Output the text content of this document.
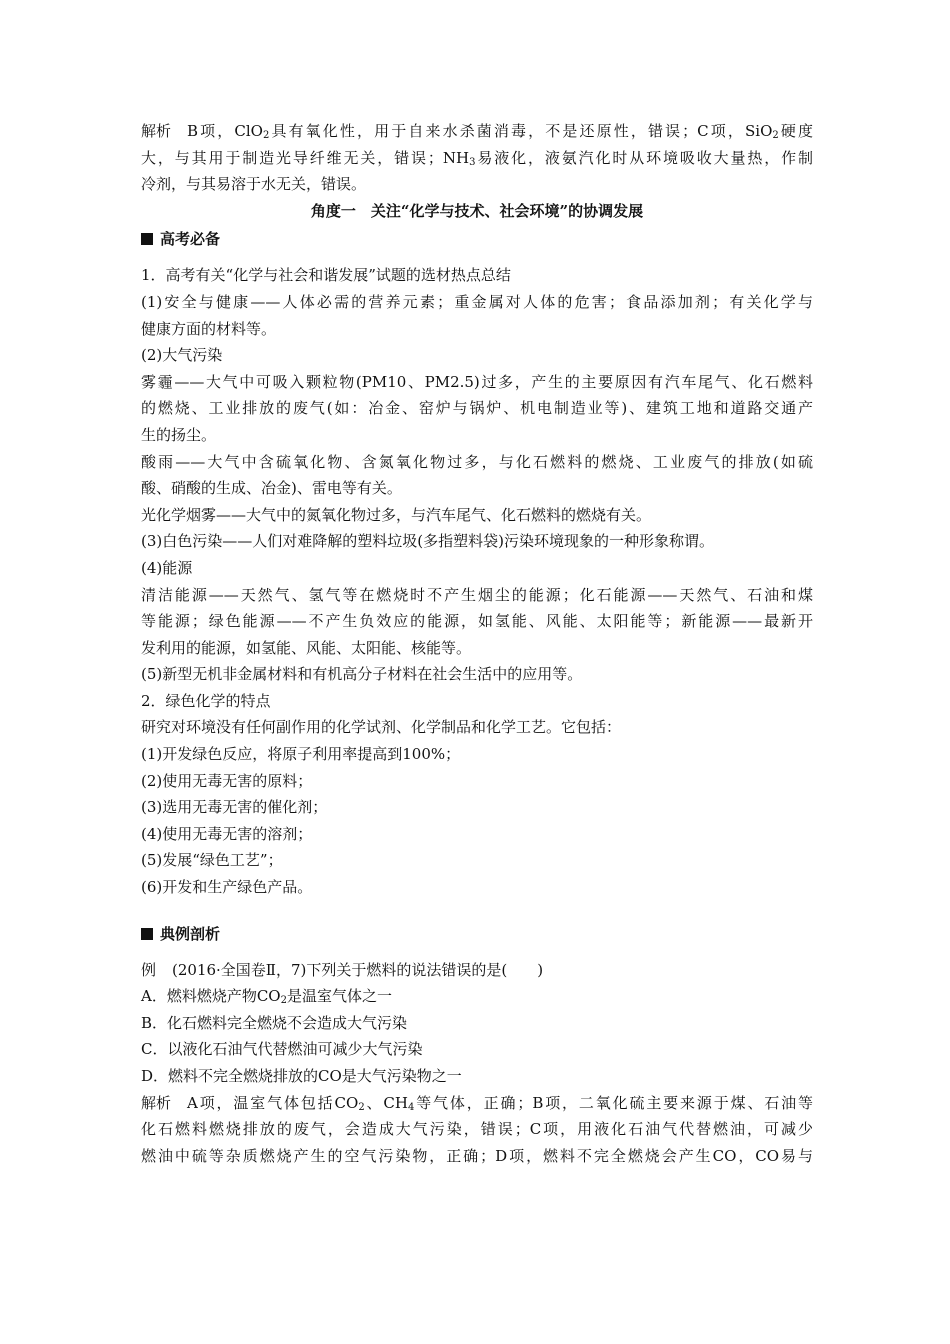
解析 B项，ClO$_2$具有氧化性，用于自来水杀菌消毒，不是还原性，错误；C项，SiO$_2$硬度
大，与其用于制造光导纤维无关，错误；$NH_3$易液化，液氨汽化时从环境吸收大量热，作制
冷剂，与其易溶于水无关，错误。
角度一　关注“化学与技术、社会环境”的协调发展
高考必备
1．高考有关“化学与社会和谐发展”试题的选材热点总结
(1)安全与健康——人体必需的营养元素；重金属对人体的危害；食品添加剂；有关化学与
健康方面的材料等。
(2)大气污染
雾霾——大气中可吸入颗粒物(PM10、PM2.5)过多，产生的主要原因有汽车尾气、化石燃料
的燃烧、工业排放的废气(如：冶金、窑炉与锅炉、机电制造业等)、建筑工地和道路交通产
生的扬尘。
酸雨——大气中含硫氧化物、含氮氧化物过多，与化石燃料的燃烧、工业废气的排放(如硫
酸、硝酸的生成、冶金)、雷电等有关。
光化学烟雾——大气中的氮氧化物过多，与汽车尾气、化石燃料的燃烧有关。
(3)白色污染——人们对难降解的塑料垃圾(多指塑料袋)污染环境现象的一种形象称谓。
(4)能源
清洁能源——天然气、氢气等在燃烧时不产生烟尘的能源；化石能源——天然气、石油和煤
等能源；绿色能源——不产生负效应的能源，如氢能、风能、太阳能等；新能源——最新开
发利用的能源，如氢能、风能、太阳能、核能等。
(5)新型无机非金属材料和有机高分子材料在社会生活中的应用等。
2．绿色化学的特点
研究对环境没有任何副作用的化学试剂、化学制品和化学工艺。它包括：
(1)开发绿色反应，将原子利用率提高到100%；
(2)使用无毒无害的原料；
(3)选用无毒无害的催化剂；
(4)使用无毒无害的溶剂；
(5)发展“绿色工艺”；
(6)开发和生产绿色产品。
典例剖析
例 (2016·全国卷Ⅱ，7)下列关于燃料的说法错误的是(　　)
A．燃料燃烧产物$CO_2$是温室气体之一
B．化石燃料完全燃烧不会造成大气污染
C．以液化石油气代替燃油可减少大气污染
D．燃料不完全燃烧排放的CO是大气污染物之一
解析 A项，温室气体包括$CO_2$、$CH_4$等气体，正确；B项，二氧化硫主要来源于煤、石油等
化石燃料燃烧排放的废气，会造成大气污染，错误；C项，用液化石油气代替燃油，可减少
燃油中硫等杂质燃烧产生的空气污染物，正确；D项，燃料不完全燃烧会产生CO，CO易与
